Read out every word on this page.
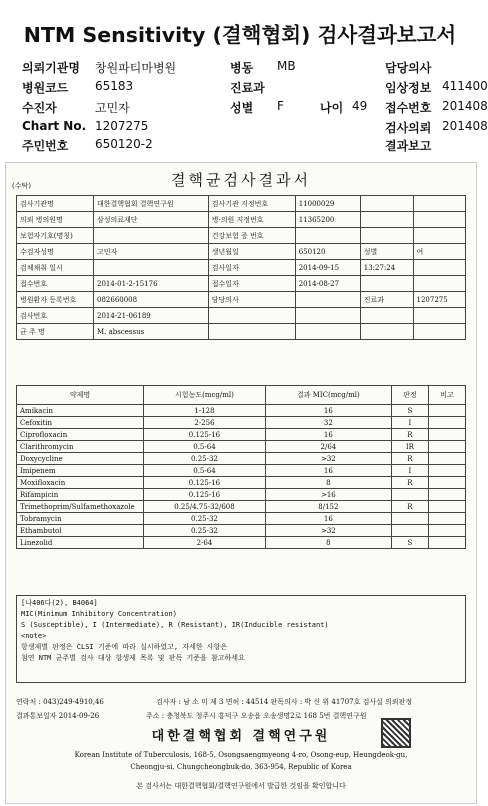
NTM Sensitivity (결핵협회) 검사결과보고서
의뢰기관명 창원파티마병원	병동 MB	담당의사
병원코드 65183	진료과	임상정보 411400
수진자	고민자	성별 F	나이 49 접수번호 201408
Chart No. 1207275	검사의뢰 201408
주민번호 650120-2	결과보고
(수탁)	결핵균검사결과서
검사기관명	대한결핵협회 결핵연구원	검사기관 지정번호	11000029		
의뢰 병의원명	삼성의료재단	병·의원 지정번호	11365200		
보험자기호(명칭)		건강보험 증 번호			
수검자성명	고민자	생년월일	650120	성별	여
검체채취 일시		검사일자	2014-09-15	13:27:24	
접수번호	2014-01-2-15176	접수일자	2014-08-27		
병원환자 등록번호	082660008	담당의사		진료과	1207275
검사번호	2014-21-06189				
균 주 명	M. abscessus				
약제명	시험농도(mcg/ml)	결과 MIC(mcg/ml)	판정	비고
Amikacin	1-128	16	S	
Cefoxitin	2-256	32	I	
Ciprofloxacin	0.125-16	16	R	
Clarithromycin	0.5-64	2/64	IR	
Doxycycline	0.25-32	>32	R	
Imipenem	0.5-64	16	I	
Moxifloxacin	0.125-16	8	R	
Rifampicin	0.125-16	>16		
Trimethoprim/Sulfamethoxazole	0.25/4.75-32/608	8/152	R	
Tobramycin	0.25-32	16		
Ethambutol	0.25-32	>32		
Linezolid	2-64	8	S	
[나406다(2), B4064]
MIC(Minimum Inhibitory Concentration)
S (Susceptible), I (Intermediate), R (Resistant), IR(Inducible resistant)
<note>
항생제별 판정은 CLSI 기준에 따라 실시하였고, 자세한 사항은
첨연 NTM 균주별 검사 대상 항생제 목록 및 판독 기준을 참고하세요
연락처 : 043)249-4910,46	검사자 : 남 소 미 제 3 면허 : 44514 판독의사 : 박 신 위 41707호 검사실 의뢰판정
결과통보일자 2014-09-26	주소 : 충청북도 청주시 흥덕구 오송읍 오송생명2로 168 5번 결핵연구원
대한결핵협회 결핵연구원
Korean Institute of Tuberculosis, 168-5, Osongsaengmyeong 4-ro, Osong-eup, Heungdeok-gu,
Cheongju-si, Chungcheongbuk-do, 363-954, Republic of Korea
본 검사서는 대한결핵협회/결핵연구원에서 발급한 것임을 확인합니다
